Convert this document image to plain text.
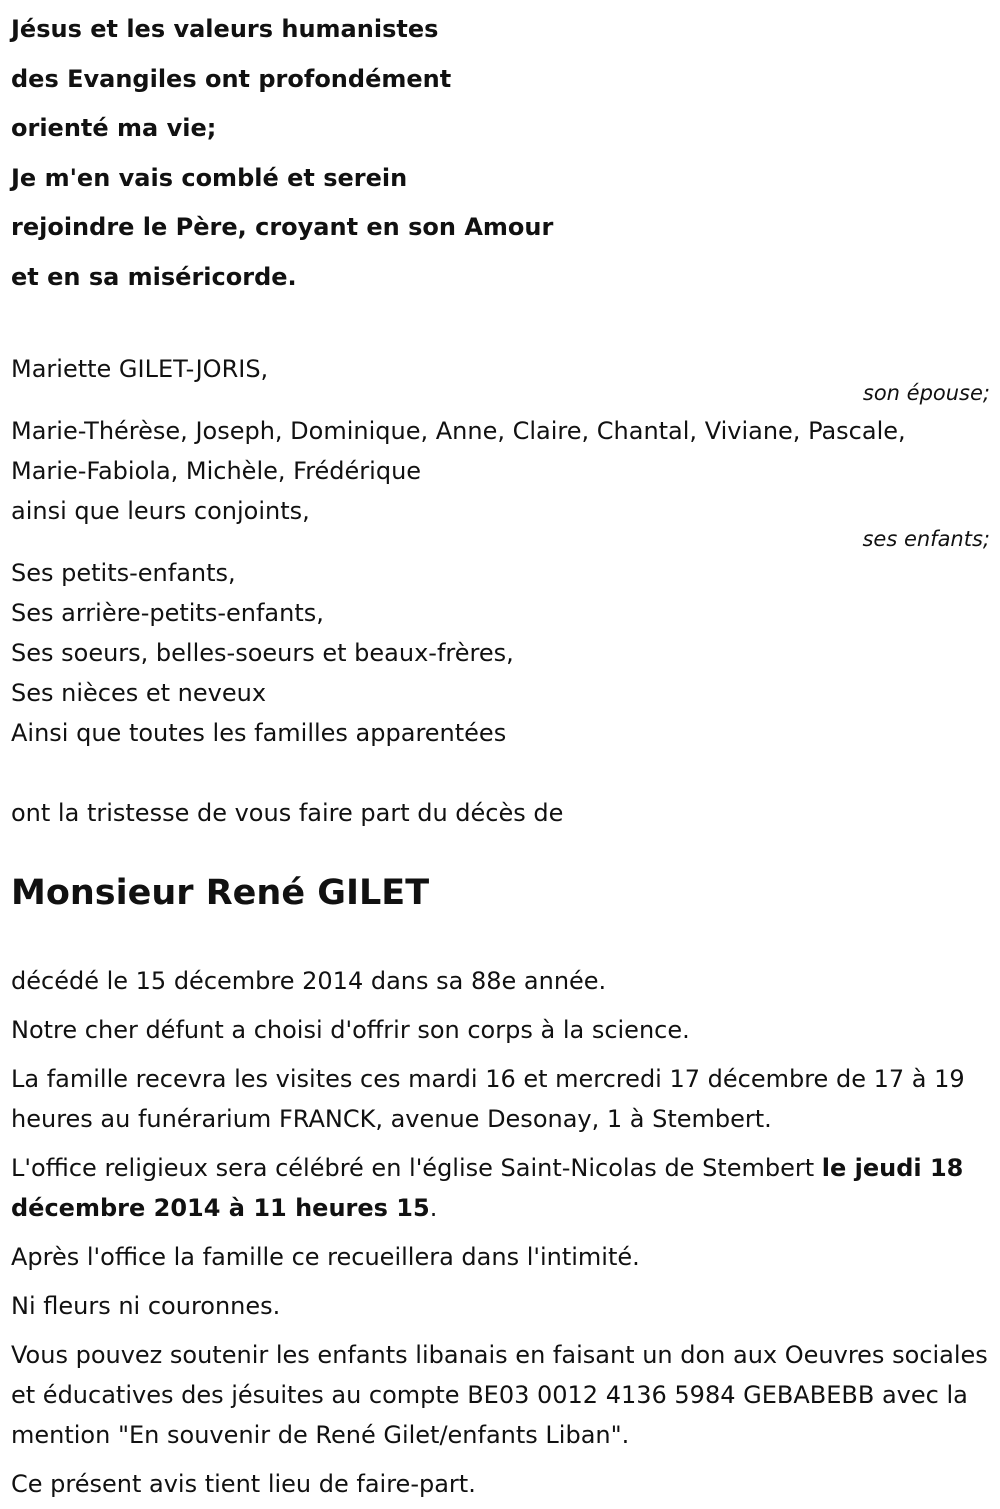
Jésus et les valeurs humanistes
des Evangiles ont profondément
orienté ma vie;
Je m'en vais comblé et serein
rejoindre le Père, croyant en son Amour
et en sa miséricorde.
Mariette GILET-JORIS,
son épouse;
Marie-Thérèse, Joseph, Dominique, Anne, Claire, Chantal, Viviane, Pascale,
Marie-Fabiola, Michèle, Frédérique
ainsi que leurs conjoints,
ses enfants;
Ses petits-enfants,
Ses arrière-petits-enfants,
Ses soeurs, belles-soeurs et beaux-frères,
Ses nièces et neveux
Ainsi que toutes les familles apparentées
ont la tristesse de vous faire part du décès de
Monsieur René GILET
décédé le 15 décembre 2014 dans sa 88e année.
Notre cher défunt a choisi d'offrir son corps à la science.
La famille recevra les visites ces mardi 16 et mercredi 17 décembre de 17 à 19 heures au funérarium FRANCK, avenue Desonay, 1 à Stembert.
L'office religieux sera célébré en l'église Saint-Nicolas de Stembert le jeudi 18 décembre 2014 à 11 heures 15.
Après l'office la famille ce recueillera dans l'intimité.
Ni fleurs ni couronnes.
Vous pouvez soutenir les enfants libanais en faisant un don aux Oeuvres sociales et éducatives des jésuites au compte BE03 0012 4136 5984 GEBABEBB avec la mention "En souvenir de René Gilet/enfants Liban".
Ce présent avis tient lieu de faire-part.
